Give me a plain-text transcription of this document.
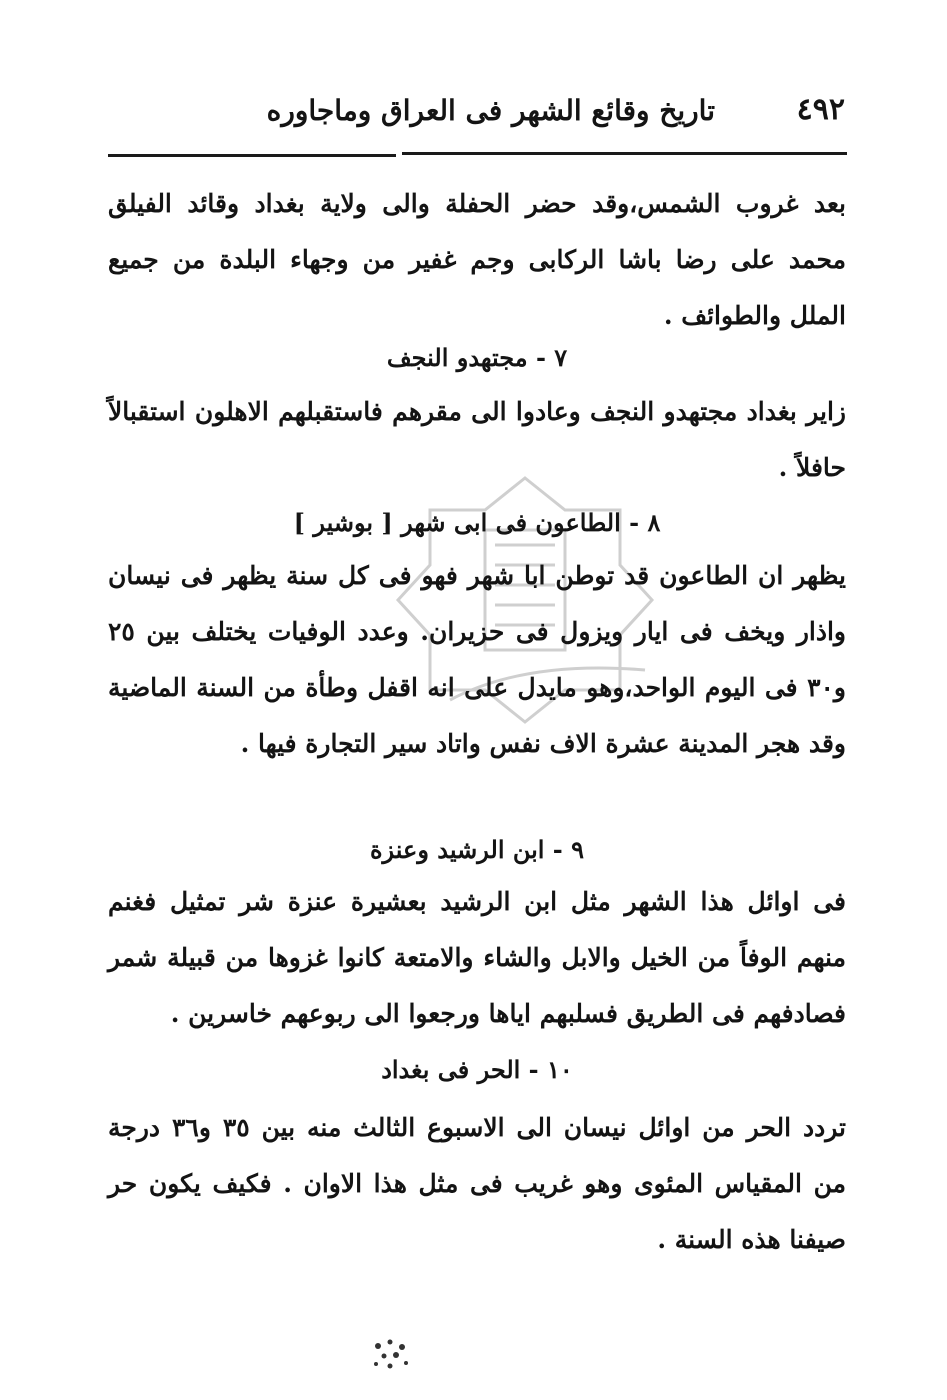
٤٩٢
تاريخ وقائع الشهر فى العراق وماجاوره
بعد غروب الشمس،وقد حضر الحفلة والى ولاية بغداد وقائد الفيلق محمد على رضا باشا الركابى وجم غفير من وجهاء البلدة من جميع الملل والطوائف .
٧ - مجتهدو النجف
زاير بغداد مجتهدو النجف وعادوا الى مقرهم فاستقبلهم الاهلون استقبالاً حافلاً .
٨ - الطاعون فى ابى شهر [ بوشير ]
يظهر ان الطاعون قد توطن ابا شهر فهو فى كل سنة يظهر فى نيسان واذار ويخف فى ايار ويزول فى حزيران. وعدد الوفيات يختلف بين ٢٥ و٣٠ فى اليوم الواحد،وهو مايدل على انه اقفل وطأة من السنة الماضية وقد هجر المدينة عشرة الاف نفس واتاد سير التجارة فيها .
٩ - ابن الرشيد وعنزة
فى اوائل هذا الشهر مثل ابن الرشيد بعشيرة عنزة شر تمثيل فغنم منهم الوفاً من الخيل والابل والشاء والامتعة كانوا غزوها من قبيلة شمر فصادفهم فى الطريق فسلبهم اياها ورجعوا الى ربوعهم خاسرين .
١٠ - الحر فى بغداد
تردد الحر من اوائل نيسان الى الاسبوع الثالث منه بين ٣٥ و٣٦ درجة من المقياس المئوى وهو غريب فى مثل هذا الاوان . فكيف يكون حر صيفنا هذه السنة .
